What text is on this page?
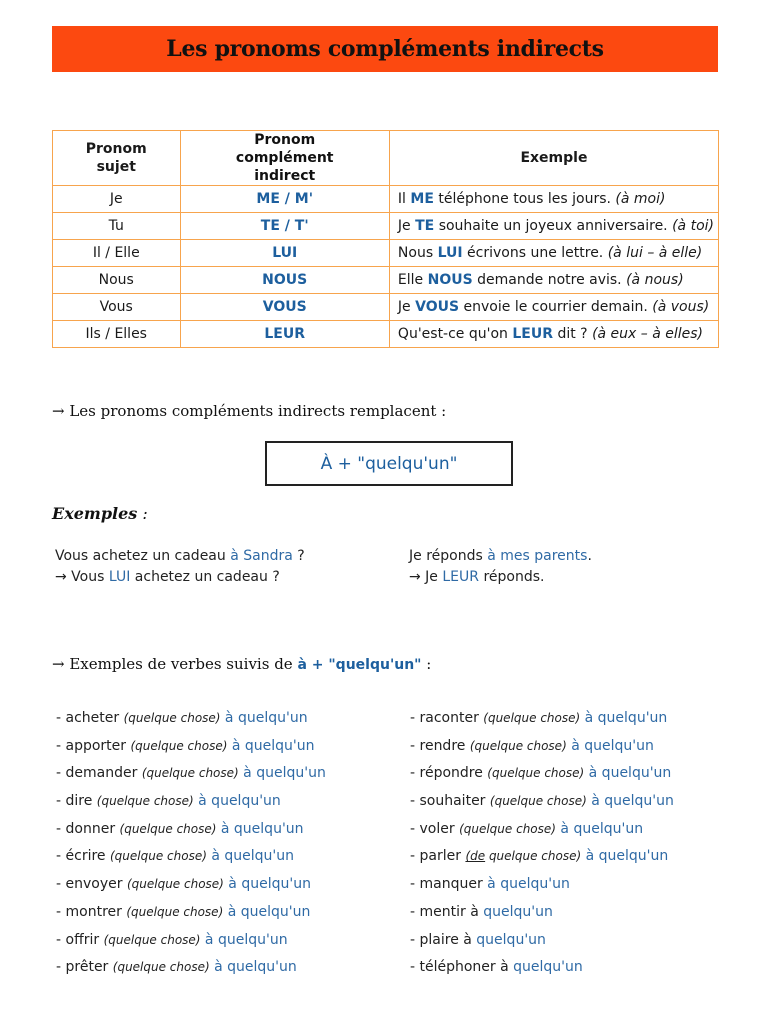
Les pronoms compléments indirects
Pronom sujet	Pronom complément indirect	Exemple
Je	ME / M'	Il ME téléphone tous les jours. (à moi)
Tu	TE / T'	Je TE souhaite un joyeux anniversaire. (à toi)
Il / Elle	LUI	Nous LUI écrivons une lettre. (à lui – à elle)
Nous	NOUS	Elle NOUS demande notre avis. (à nous)
Vous	VOUS	Je VOUS envoie le courrier demain. (à vous)
Ils / Elles	LEUR	Qu'est-ce qu'on LEUR dit ? (à eux – à elles)
→ Les pronoms compléments indirects remplacent :
À + "quelqu'un"
Exemples :
Vous achetez un cadeau à Sandra ?
→ Vous LUI achetez un cadeau ?
Je réponds à mes parents.
→ Je LEUR réponds.
→ Exemples de verbes suivis de à + "quelqu'un" :
- acheter (quelque chose) à quelqu'un
- apporter (quelque chose) à quelqu'un
- demander (quelque chose) à quelqu'un
- dire (quelque chose) à quelqu'un
- donner (quelque chose) à quelqu'un
- écrire (quelque chose) à quelqu'un
- envoyer (quelque chose) à quelqu'un
- montrer (quelque chose) à quelqu'un
- offrir (quelque chose) à quelqu'un
- prêter (quelque chose) à quelqu'un
- raconter (quelque chose) à quelqu'un
- rendre (quelque chose) à quelqu'un
- répondre (quelque chose) à quelqu'un
- souhaiter (quelque chose) à quelqu'un
- voler (quelque chose) à quelqu'un
- parler (de quelque chose) à quelqu'un
- manquer à quelqu'un
- mentir à quelqu'un
- plaire à quelqu'un
- téléphoner à quelqu'un
